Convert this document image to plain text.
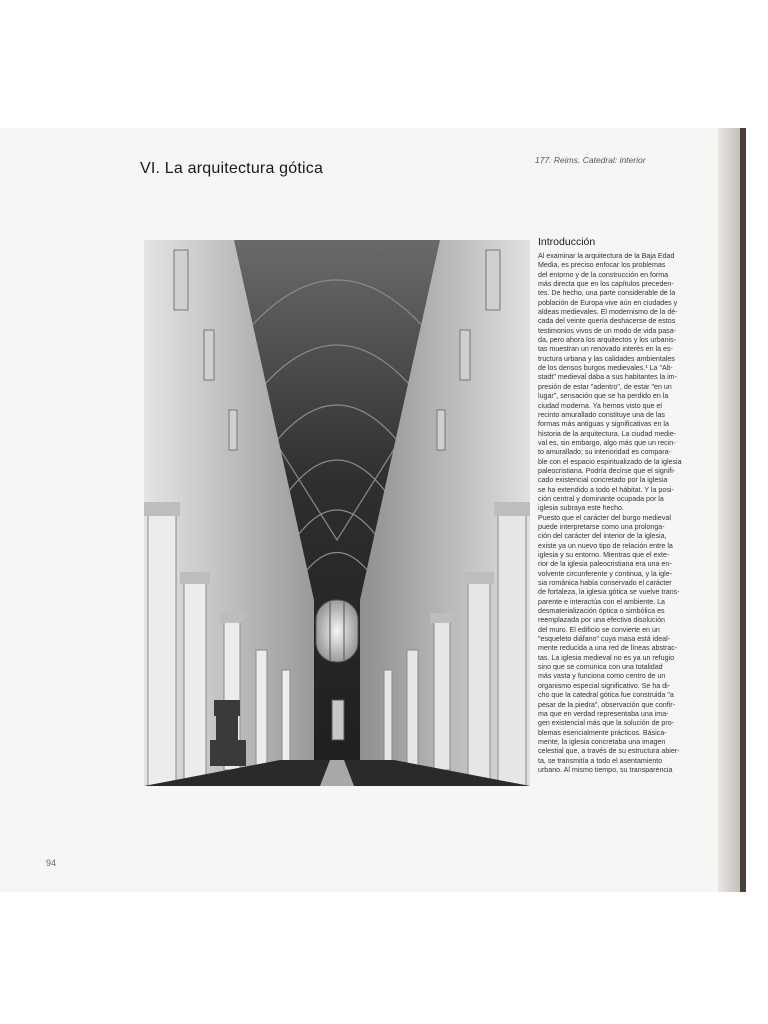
VI. La arquitectura gótica	177. Reims. Catedral: interior
Introducción

Al examinar la arquitectura de la Baja Edad

Media, es preciso enfocar los problemas

del entorno y de la construcción en forma

más directa que en los capítulos preceden-

tes. De hecho, una parte considerable de la

población de Europa vive aún en ciudades y

aldeas medievales. El modernismo de la dé-

cada del veinte quería deshacerse de estos

testimonios vivos de un modo de vida pasa-

da, pero ahora los arquitectos y los urbanis-

tas muestran un renovado interés en la es-

tructura urbana y las calidades ambientales

de los densos burgos medievales.¹ La "Alt-

stadt" medieval daba a sus habitantes la im-

presión de estar "adentro", de estar "en un

lugar", sensación que se ha perdido en la

ciudad moderna. Ya hemos visto que el

recinto amurallado constituye una de las

formas más antiguas y significativas en la

historia de la arquitectura. La ciudad medie-

val es, sin embargo, algo más que un recin-

to amurallado; su interioridad es compara-

ble con el espacio espiritualizado de la iglesia

paleocristiana. Podría decirse que el signifi-

cado existencial concretado por la iglesia

se ha extendido a todo el hábitat. Y la posi-

ción central y dominante ocupada por la

iglesia subraya este hecho.

Puesto que el carácter del burgo medieval

puede interpretarse como una prolonga-

ción del carácter del interior de la iglesia,

existe ya un nuevo tipo de relación entre la

iglesia y su entorno. Mientras que el exte-

rior de la iglesia paleocristiana era una en-

volvente circunferente y continua, y la igle-

sia románica había conservado el carácter

de fortaleza, la iglesia gótica se vuelve trans-

parente e interactúa con el ambiente. La

desmaterialización óptica o simbólica es

reemplazada por una efectiva disolución

del muro. El edificio se convierte en un

"esqueleto diáfano" cuya masa está ideal-

mente reducida a una red de líneas abstrac-

tas. La iglesia medieval no es ya un refugio

sino que se comunica con una totalidad

más vasta y funciona como centro de un

organismo especial significativo. Se ha di-

cho que la catedral gótica fue construida "a

pesar de la piedra", observación que confir-

ma que en verdad representaba una ima-

gen existencial más que la solución de pro-

blemas esencialmente prácticos. Básica-

mente, la iglesia concretaba una imagen

celestial que, a través de su estructura abier-

ta, se transmitía a todo el asentamiento

urbano. Al mismo tiempo, su transparencia

94
